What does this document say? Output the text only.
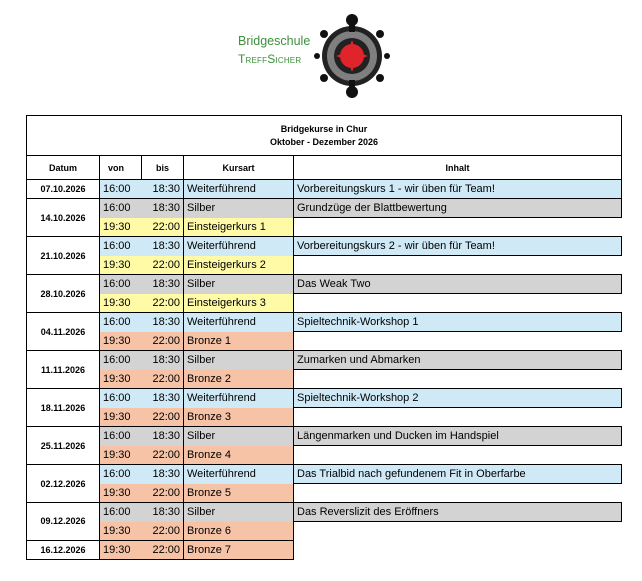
Bridgeschule
TreffSicher
Bridgekurse in Chur
Oktober - Dezember 2026				

Datum	von	bis	Kursart	Inhalt
07.10.2026	16:00	18:30	Weiterführend	Vorbereitungskurs 1 - wir üben für Team!
14.10.2026	16:00	18:30	Silber	Grundzüge der Blattbewertung
	19:30	22:00	Einsteigerkurs 1	
21.10.2026	16:00	18:30	Weiterführend	Vorbereitungskurs 2 - wir üben für Team!
	19:30	22:00	Einsteigerkurs 2	
28.10.2026	16:00	18:30	Silber	Das Weak Two
	19:30	22:00	Einsteigerkurs 3	
04.11.2026	16:00	18:30	Weiterführend	Spieltechnik-Workshop 1
	19:30	22:00	Bronze 1	
11.11.2026	16:00	18:30	Silber	Zumarken und Abmarken
	19:30	22:00	Bronze 2	
18.11.2026	16:00	18:30	Weiterführend	Spieltechnik-Workshop 2
	19:30	22:00	Bronze 3	
25.11.2026	16:00	18:30	Silber	Längenmarken und Ducken im Handspiel
	19:30	22:00	Bronze 4	
02.12.2026	16:00	18:30	Weiterführend	Das Trialbid nach gefundenem Fit in Oberfarbe
	19:30	22:00	Bronze 5	
09.12.2026	16:00	18:30	Silber	Das Reverslizit des Eröffners
	19:30	22:00	Bronze 6	
16.12.2026	19:30	22:00	Bronze 7	
